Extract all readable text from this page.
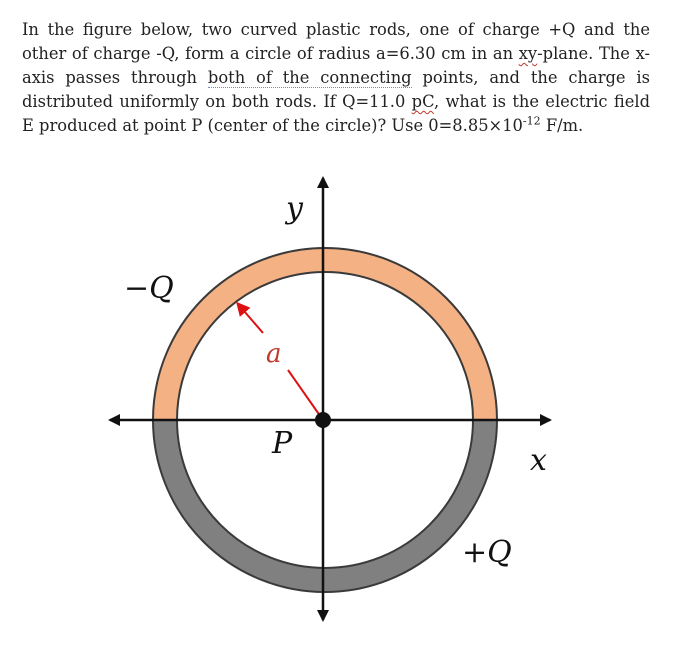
In the figure below, two curved plastic rods, one of charge +Q and the other of charge -Q, form a circle of radius a=6.30 cm in an xy-plane. The x-axis passes through both of the connecting points, and the charge is distributed uniformly on both rods. If Q=11.0 pC, what is the electric field E produced at point P (center of the circle)? Use $0=8.85\times 10^{-12}$ F/m.

y
x
P
a
−Q
+Q
